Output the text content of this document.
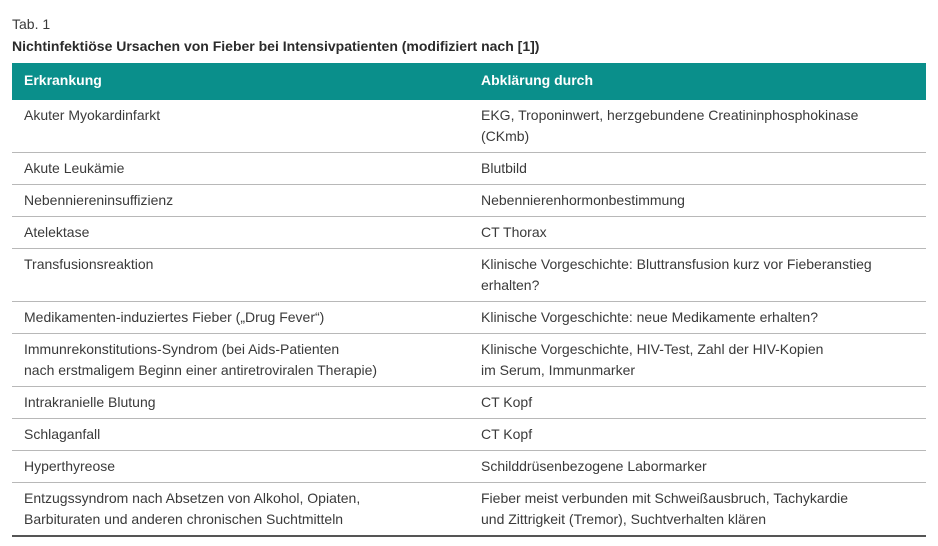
Tab. 1
Nichtinfektiöse Ursachen von Fieber bei Intensivpatienten (modifiziert nach [1])
Erkrankung	Abklärung durch

Akuter Myokardinfarkt	EKG, Troponinwert, herzgebundene Creatininphosphokinase
(CKmb)

Akute Leukämie	Blutbild

Nebenniereninsuffizienz	Nebennierenhormonbestimmung

Atelektase	CT Thorax

Transfusionsreaktion	Klinische Vorgeschichte: Bluttransfusion kurz vor Fieberanstieg
erhalten?

Medikamenten-induziertes Fieber („Drug Fever“)	Klinische Vorgeschichte: neue Medikamente erhalten?

Immunrekonstitutions-Syndrom (bei Aids-Patienten
nach erstmaligem Beginn einer antiretroviralen Therapie)	Klinische Vorgeschichte, HIV-Test, Zahl der HIV-Kopien
im Serum, Immunmarker

Intrakranielle Blutung	CT Kopf

Schlaganfall	CT Kopf

Hyperthyreose	Schilddrüsenbezogene Labormarker

Entzugssyndrom nach Absetzen von Alkohol, Opiaten,
Barbituraten und anderen chronischen Suchtmitteln	Fieber meist verbunden mit Schweißausbruch, Tachykardie
und Zittrigkeit (Tremor), Suchtverhalten klären
